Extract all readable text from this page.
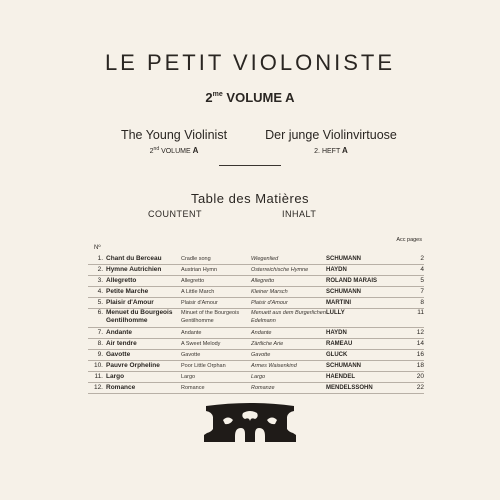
LE PETIT VIOLONISTE
$2^{me}$ VOLUME A
The Young Violinist
2nd VOLUME A
Der junge Violinvirtuose
2. HEFT A
Table des Matières
COUNTENT	INHALT
Acc pages
Nº
1.	Chant du Berceau	Cradle song	Wiegenlied	SCHUMANN	2
2.	Hymne Autrichien	Austrian Hymn	Osterreichische Hymne	HAYDN	4
3.	Allegretto	Allegretto	Allegretto	ROLAND MARAIS	5
4.	Petite Marche	A Little March	Kleiner Marsch	SCHUMANN	7
5.	Plaisir d'Amour	Plaisir d'Amour	Plaisir d'Amour	MARTINI	8
6.	Menuet du Bourgeois Gentilhomme	Minuet of the Bourgeois Gentilhomme	Menuett aus dem Burgerlichen Edelmann	LULLY	11
7.	Andante	Andante	Andante	HAYDN	12
8.	Air tendre	A Sweet Melody	Zärtliche Arie	RAMEAU	14
9.	Gavotte	Gavotte	Gavotte	GLUCK	16
10.	Pauvre Orpheline	Poor Little Orphan	Armes Waisenkind	SCHUMANN	18
11.	Largo	Largo	Largo	HAENDEL	20
12.	Romance	Romance	Romanze	MENDELSSOHN	22
